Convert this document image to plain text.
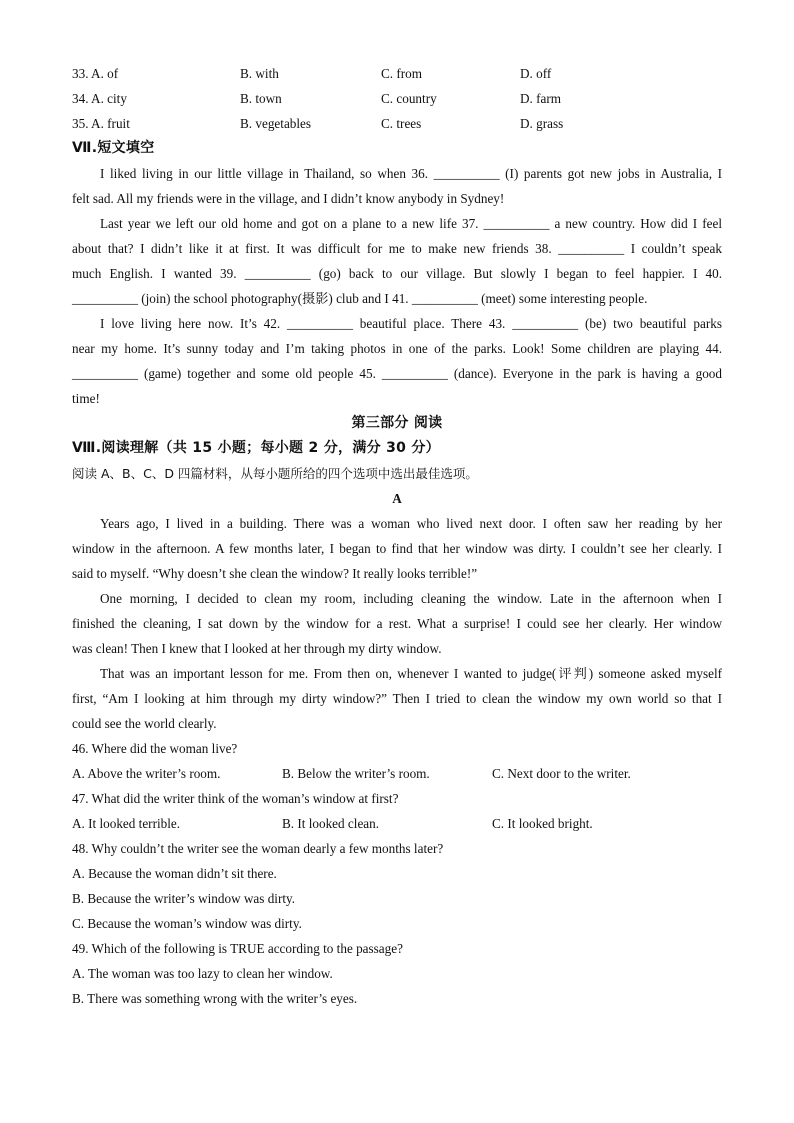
33. A. of	B. with	C. from	D. off
34. A. city	B. town	C. country	D. farm
35. A. fruit	B. vegetables	C. trees	D. grass
Ⅶ.短文填空
I liked living in our little village in Thailand, so when 36. __________ (I) parents got new jobs in Australia, I
felt sad. All my friends were in the village, and I didn’t know anybody in Sydney!
Last year we left our old home and got on a plane to a new life 37. __________ a new country. How did I feel
about that? I didn’t like it at first. It was difficult for me to make new friends 38. __________ I couldn’t speak
much English. I wanted 39. __________ (go) back to our village. But slowly I began to feel happier. I 40.
__________ (join) the school photography(摄影) club and I 41. __________ (meet) some interesting people.
I love living here now. It’s 42. __________ beautiful place. There 43. __________ (be) two beautiful parks
near my home. It’s sunny today and I’m taking photos in one of the parks. Look! Some children are playing 44.
__________ (game) together and some old people 45. __________ (dance). Everyone in the park is having a good
time!
第三部分 阅读
Ⅷ.阅读理解（共 15 小题；每小题 2 分，满分 30 分）
阅读 A、B、C、D 四篇材料，从每小题所给的四个选项中选出最佳选项。
A
Years ago, I lived in a building. There was a woman who lived next door. I often saw her reading by her
window in the afternoon. A few months later, I began to find that her window was dirty. I couldn’t see her clearly. I
said to myself. “Why doesn’t she clean the window? It really looks terrible!”
One morning, I decided to clean my room, including cleaning the window. Late in the afternoon when I
finished the cleaning, I sat down by the window for a rest. What a surprise! I could see her clearly. Her window
was clean! Then I knew that I looked at her through my dirty window.
That was an important lesson for me. From then on, whenever I wanted to judge(评判) someone asked myself
first, “Am I looking at him through my dirty window?” Then I tried to clean the window my own world so that I
could see the world clearly.
46. Where did the woman live?
A. Above the writer’s room.	B. Below the writer’s room.	C. Next door to the writer.
47. What did the writer think of the woman’s window at first?
A. It looked terrible.	B. It looked clean.	C. It looked bright.
48. Why couldn’t the writer see the woman dearly a few months later?
A. Because the woman didn’t sit there.
B. Because the writer’s window was dirty.
C. Because the woman’s window was dirty.
49. Which of the following is TRUE according to the passage?
A. The woman was too lazy to clean her window.
B. There was something wrong with the writer’s eyes.
